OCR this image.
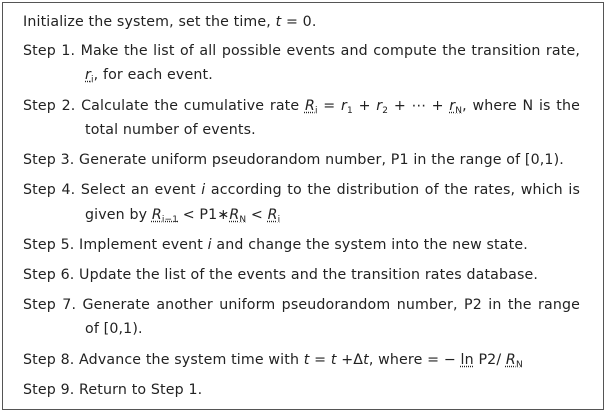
Initialize the system, set the time, t = 0.
Step 1. Make the list of all possible events and compute the transition rate,
$r_i$, for each event.
Step 2. Calculate the cumulative rate $R_i = r_1 + r_2$ + ⋯ + $r_N$, where N is the
total number of events.
Step 3. Generate uniform pseudorandom number, P1 in the range of [0,1).
Step 4. Select an event i according to the distribution of the rates, which is
given by $R_{i-1}$ < $P1∗R_N < R_i$
Step 5. Implement event i and change the system into the new state.
Step 6. Update the list of the events and the transition rates database.
Step 7. Generate another uniform pseudorandom number, P2 in the range
of [0,1).
Step 8. Advance the system time with t = t +Δt, where = − ln P2/ $R_N$
Step 9. Return to Step 1.
